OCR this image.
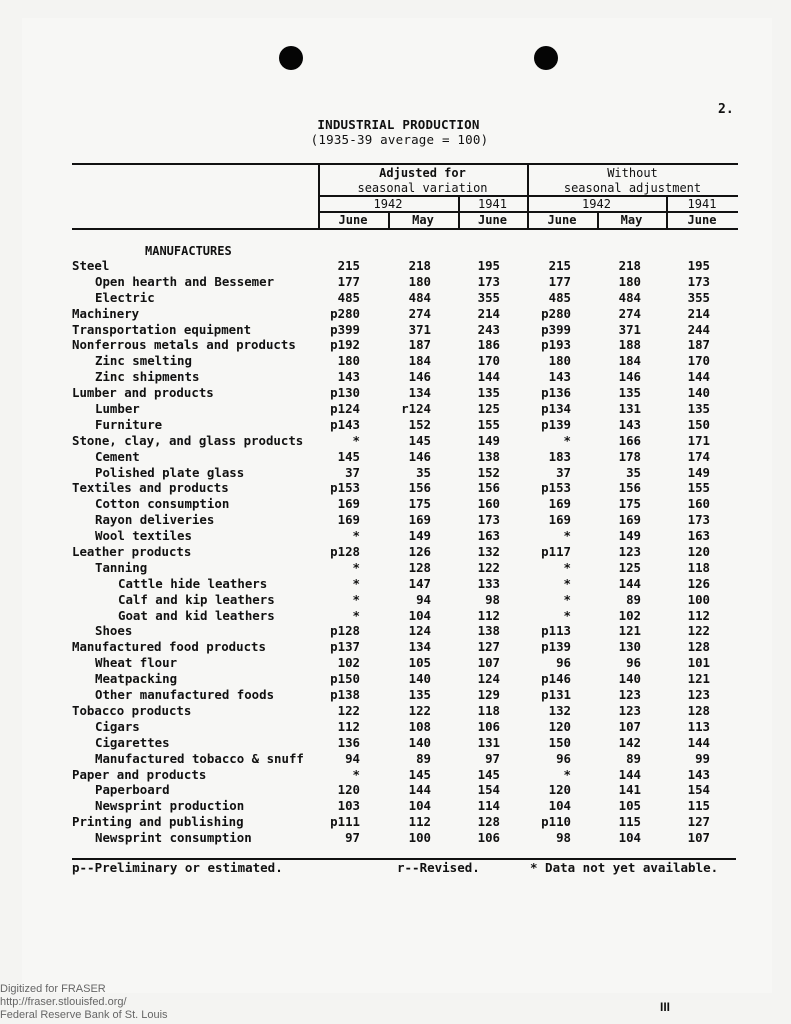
2.
INDUSTRIAL PRODUCTION
(1935-39 average = 100)
Adjusted for
seasonal variation
Without
seasonal adjustment
1942	1941	1942	1941
June	May	June	June	May	June
MANUFACTURES
Steel	215	218	195	215	218	195
Open hearth and Bessemer	177	180	173	177	180	173
Electric	485	484	355	485	484	355
Machinery	p280	274	214	p280	274	214
Transportation equipment	p399	371	243	p399	371	244
Nonferrous metals and products	p192	187	186	p193	188	187
Zinc smelting	180	184	170	180	184	170
Zinc shipments	143	146	144	143	146	144
Lumber and products	p130	134	135	p136	135	140
Lumber	p124	r124	125	p134	131	135
Furniture	p143	152	155	p139	143	150
Stone, clay, and glass products	*	145	149	*	166	171
Cement	145	146	138	183	178	174
Polished plate glass	37	35	152	37	35	149
Textiles and products	p153	156	156	p153	156	155
Cotton consumption	169	175	160	169	175	160
Rayon deliveries	169	169	173	169	169	173
Wool textiles	*	149	163	*	149	163
Leather products	p128	126	132	p117	123	120
Tanning	*	128	122	*	125	118
Cattle hide leathers	*	147	133	*	144	126
Calf and kip leathers	*	94	98	*	89	100
Goat and kid leathers	*	104	112	*	102	112
Shoes	p128	124	138	p113	121	122
Manufactured food products	p137	134	127	p139	130	128
Wheat flour	102	105	107	96	96	101
Meatpacking	p150	140	124	p146	140	121
Other manufactured foods	p138	135	129	p131	123	123
Tobacco products	122	122	118	132	123	128
Cigars	112	108	106	120	107	113
Cigarettes	136	140	131	150	142	144
Manufactured tobacco & snuff	94	89	97	96	89	99
Paper and products	*	145	145	*	144	143
Paperboard	120	144	154	120	141	154
Newsprint production	103	104	114	104	105	115
Printing and publishing	p111	112	128	p110	115	127
Newsprint consumption	97	100	106	98	104	107
p--Preliminary or estimated.	r--Revised.	* Data not yet available.
Digitized for FRASER
http://fraser.stlouisfed.org/
Federal Reserve Bank of St. Louis
III
